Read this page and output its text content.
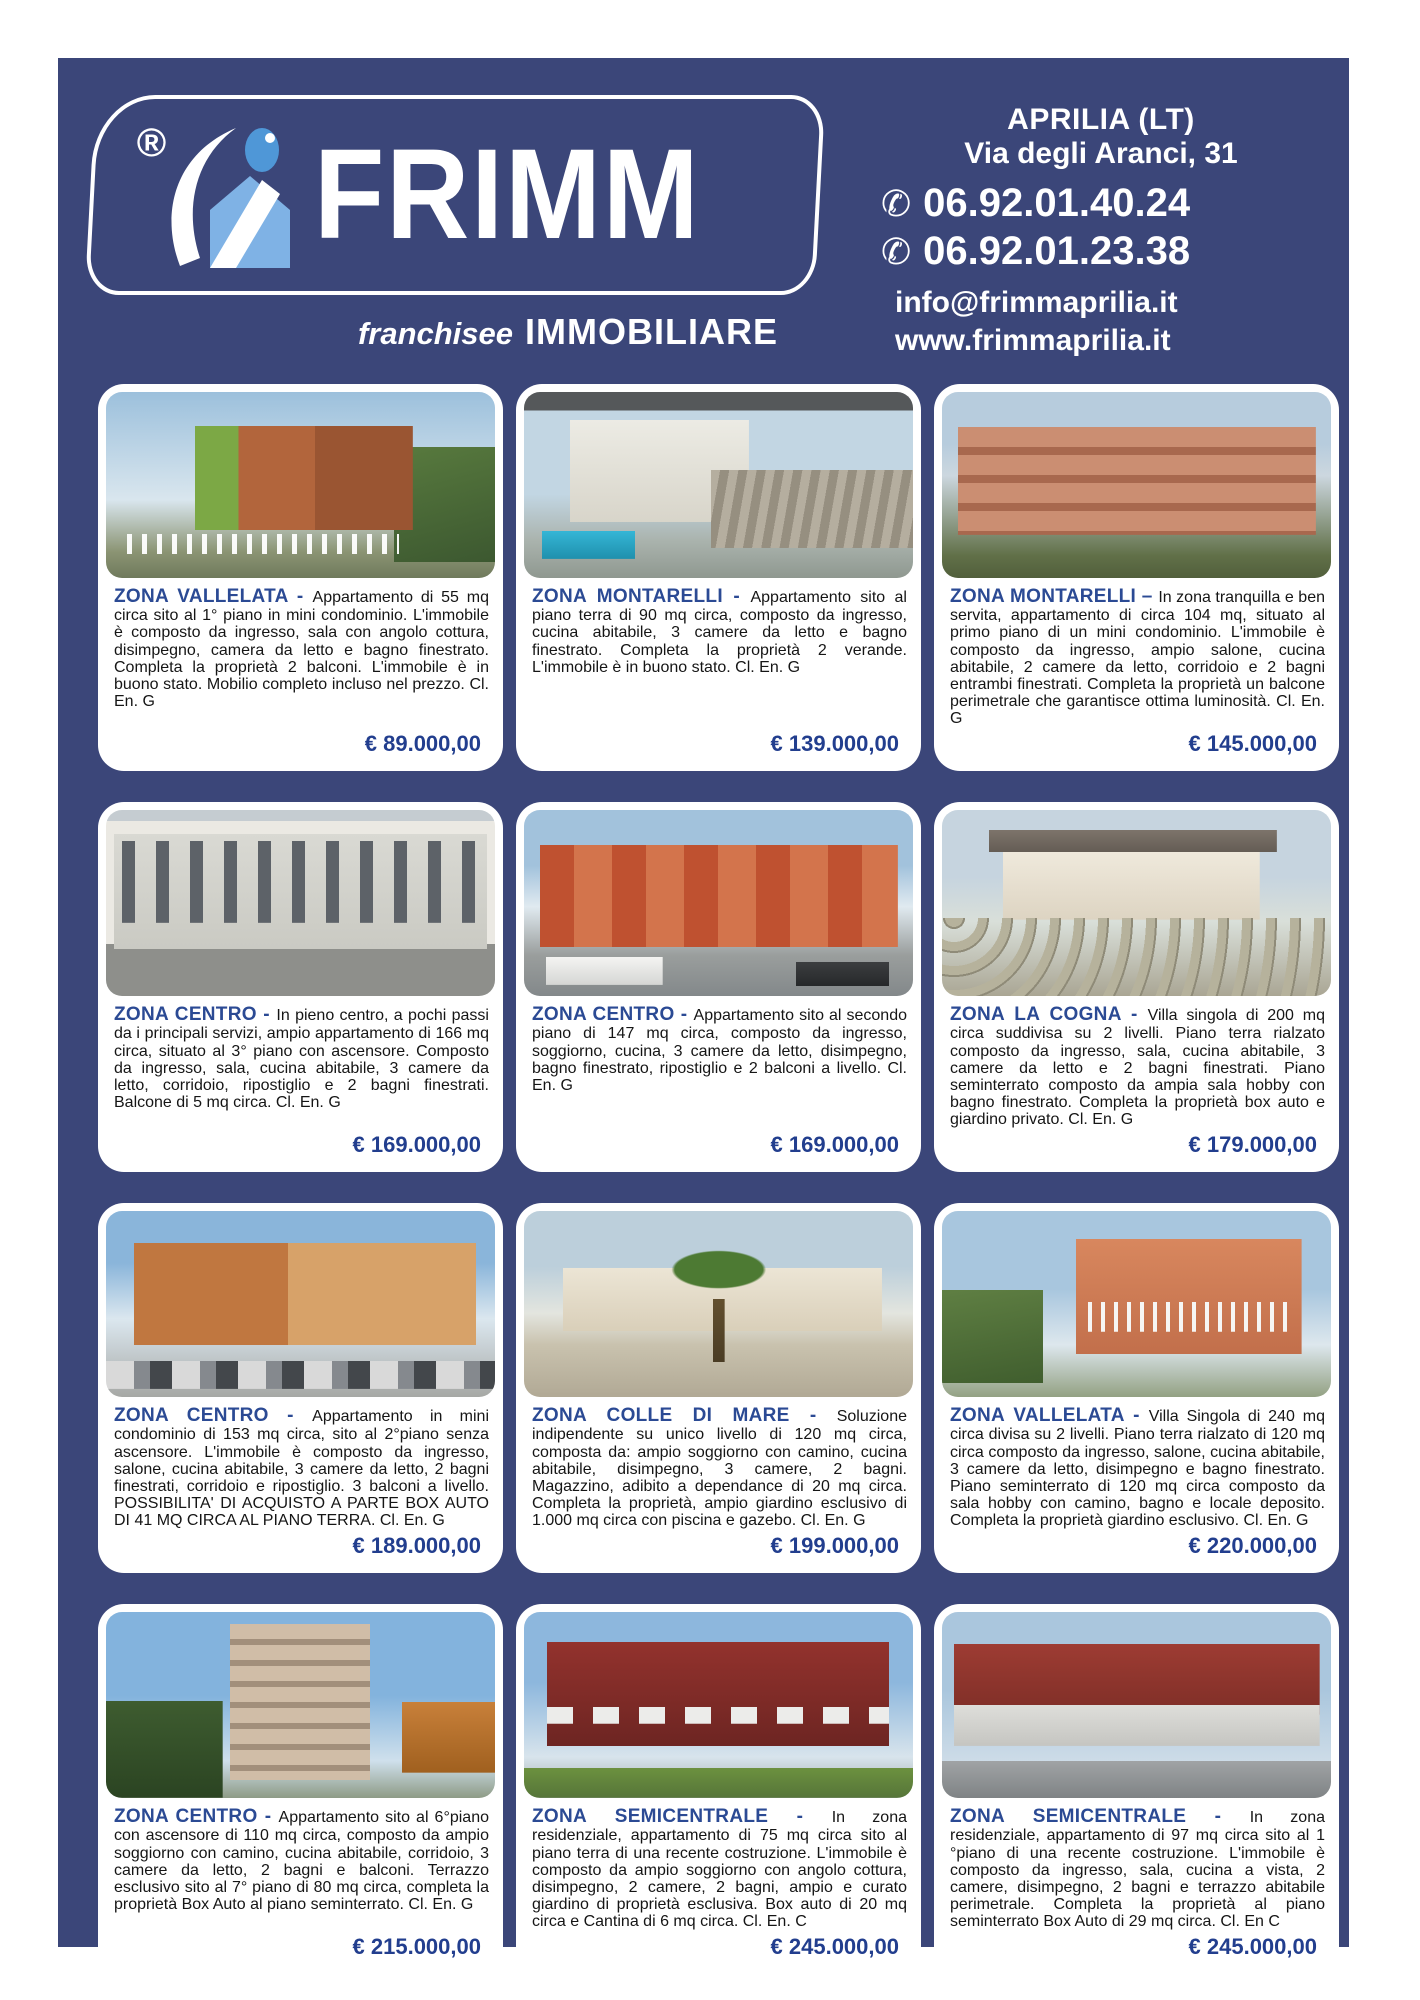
® FRIMM
franchisee IMMOBILIARE
APRILIA (LT)
Via degli Aranci, 31
✆ 06.92.01.40.24
✆ 06.92.01.23.38
info@frimmaprilia.it
www.frimmaprilia.it

ZONA VALLELATA - Appartamento di 55 mq circa sito al 1° piano in mini condominio. L'immobile è composto da ingresso, sala con angolo cottura, disimpegno, camera da letto e bagno finestrato. Completa la proprietà 2 balconi. L'immobile è in buono stato. Mobilio completo incluso nel prezzo. Cl. En. G

€ 89.000,00

ZONA MONTARELLI - Appartamento sito al piano terra di 90 mq circa, composto da ingresso, cucina abitabile, 3 camere da letto e bagno finestrato. Completa la proprietà 2 verande. L'immobile è in buono stato. Cl. En. G

€ 139.000,00

ZONA MONTARELLI – In zona tranquilla e ben servita, appartamento di circa 104 mq, situato al primo piano di un mini condominio. L'immobile è composto da ingresso, ampio salone, cucina abitabile, 2 camere da letto, corridoio e 2 bagni entrambi finestrati. Completa la proprietà un balcone perimetrale che garantisce ottima luminosità. Cl. En. G

€ 145.000,00

ZONA CENTRO - In pieno centro, a pochi passi da i principali servizi, ampio appartamento di 166 mq circa, situato al 3° piano con ascensore. Composto da ingresso, sala, cucina abitabile, 3 camere da letto, corridoio, ripostiglio e 2 bagni finestrati. Balcone di 5 mq circa. Cl. En. G

€ 169.000,00

ZONA CENTRO - Appartamento sito al secondo piano di 147 mq circa, composto da ingresso, soggiorno, cucina, 3 camere da letto, disimpegno, bagno finestrato, ripostiglio e 2 balconi a livello. Cl. En. G

€ 169.000,00

ZONA LA COGNA - Villa singola di 200 mq circa suddivisa su 2 livelli. Piano terra rialzato composto da ingresso, sala, cucina abitabile, 3 camere da letto e 2 bagni finestrati. Piano seminterrato composto da ampia sala hobby con bagno finestrato. Completa la proprietà box auto e giardino privato. Cl. En. G

€ 179.000,00

ZONA CENTRO - Appartamento in mini condominio di 153 mq circa, sito al 2°piano senza ascensore. L'immobile è composto da ingresso, salone, cucina abitabile, 3 camere da letto, 2 bagni finestrati, corridoio e ripostiglio. 3 balconi a livello. POSSIBILITA' DI ACQUISTO A PARTE BOX AUTO DI 41 MQ CIRCA AL PIANO TERRA. Cl. En. G

€ 189.000,00

ZONA COLLE DI MARE - Soluzione indipendente su unico livello di 120 mq circa, composta da: ampio soggiorno con camino, cucina abitabile, disimpegno, 3 camere, 2 bagni. Magazzino, adibito a dependance di 20 mq circa. Completa la proprietà, ampio giardino esclusivo di 1.000 mq circa con piscina e gazebo. Cl. En. G

€ 199.000,00

ZONA VALLELATA - Villa Singola di 240 mq circa divisa su 2 livelli. Piano terra rialzato di 120 mq circa composto da ingresso, salone, cucina abitabile, 3 camere da letto, disimpegno e bagno finestrato. Piano seminterrato di 120 mq circa composto da sala hobby con camino, bagno e locale deposito. Completa la proprietà giardino esclusivo. Cl. En. G

€ 220.000,00

ZONA CENTRO - Appartamento sito al 6°piano con ascensore di 110 mq circa, composto da ampio soggiorno con camino, cucina abitabile, corridoio, 3 camere da letto, 2 bagni e balconi. Terrazzo esclusivo sito al 7° piano di 80 mq circa, completa la proprietà Box Auto al piano seminterrato. Cl. En. G

€ 215.000,00

ZONA SEMICENTRALE - In zona residenziale, appartamento di 75 mq circa sito al piano terra di una recente costruzione. L'immobile è composto da ampio soggiorno con angolo cottura, disimpegno, 2 camere, 2 bagni, ampio e curato giardino di proprietà esclusiva. Box auto di 20 mq circa e Cantina di 6 mq circa. Cl. En. C

€ 245.000,00

ZONA SEMICENTRALE - In zona residenziale, appartamento di 97 mq circa sito al 1 °piano di una recente costruzione. L'immobile è composto da ingresso, sala, cucina a vista, 2 camere, disimpegno, 2 bagni e terrazzo abitabile perimetrale. Completa la proprietà al piano seminterrato Box Auto di 29 mq circa. Cl. En C

€ 245.000,00
